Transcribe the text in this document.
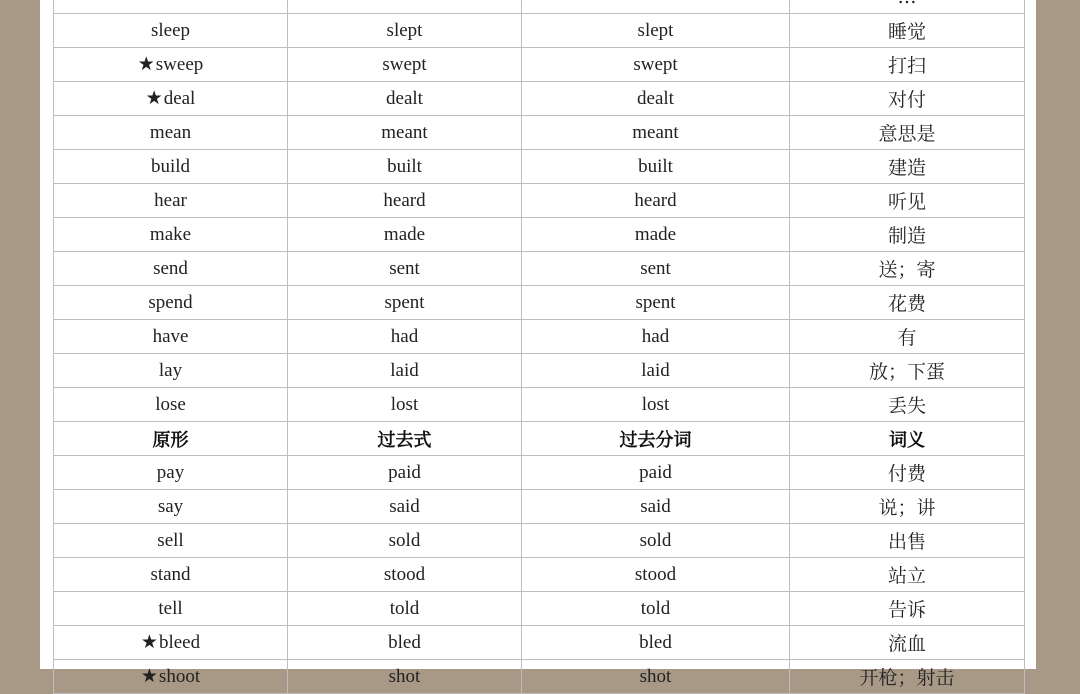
sleep	slept	slept	睡觉
★sweep	swept	swept	打扫
★deal	dealt	dealt	对付
mean	meant	meant	意思是
build	built	built	建造
hear	heard	heard	听见
make	made	made	制造
send	sent	sent	送；寄
spend	spent	spent	花费
have	had	had	有
lay	laid	laid	放；下蛋
lose	lost	lost	丢失
原形	过去式	过去分词	词义
pay	paid	paid	付费
say	said	said	说；讲
sell	sold	sold	出售
stand	stood	stood	站立
tell	told	told	告诉
★bleed	bled	bled	流血
★shoot	shot	shot	开枪；射击
